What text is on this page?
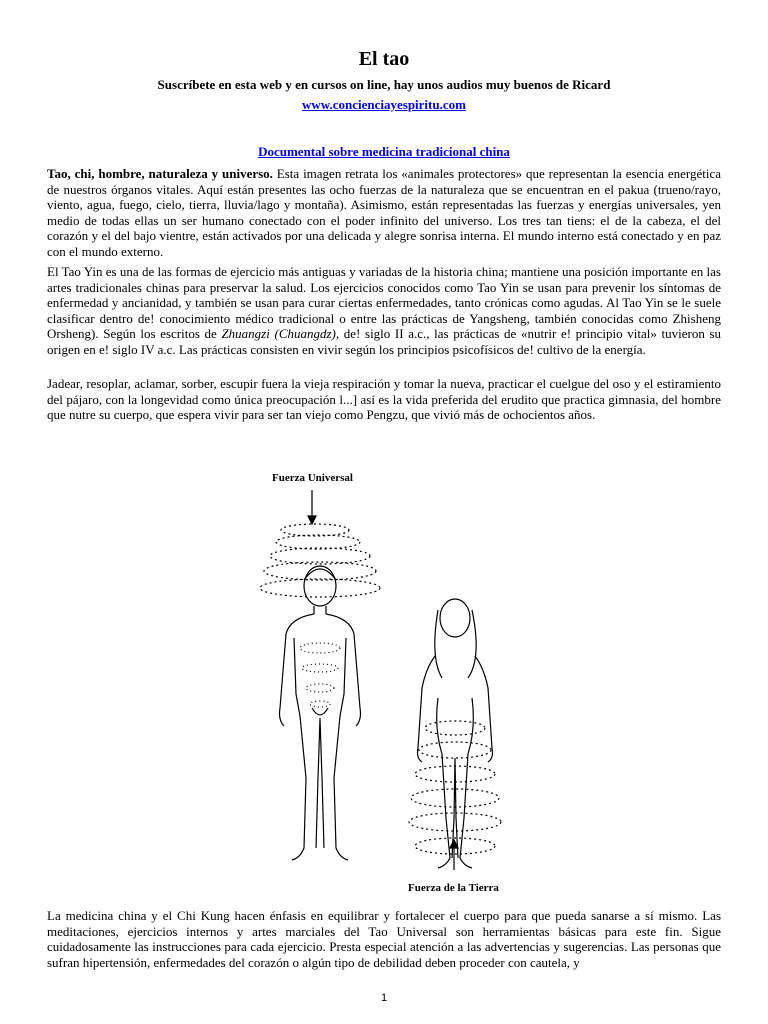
El tao
Suscríbete en esta web y en cursos on line, hay unos audios muy buenos de Ricard
www.concienciayespiritu.com
Documental sobre medicina tradicional china

Tao, chi, hombre, naturaleza y universo. Esta imagen retrata los «animales protectores» que representan la esencia energética de nuestros órganos vitales. Aquí están presentes las ocho fuerzas de la naturaleza que se encuentran en el pakua (trueno/rayo, viento, agua, fuego, cielo, tierra, lluvia/lago y montaña). Asimismo, están representadas las fuerzas y energías universales, yen medio de todas ellas un ser humano conectado con el poder infinito del universo. Los tres tan tiens: el de la cabeza, el del corazón y el del bajo vientre, están activados por una delicada y alegre sonrisa interna. El mundo interno está conectado y en paz con el mundo externo.

El Tao Yin es una de las formas de ejercicio más antiguas y variadas de la historia china; mantiene una posición importante en las artes tradicionales chinas para preservar la salud. Los ejercicios conocidos como Tao Yin se usan para prevenir los síntomas de enfermedad y ancianidad, y también se usan para curar ciertas enfermedades, tanto crónicas como agudas. Al Tao Yin se le suele clasificar dentro de! conocimiento médico tradicional o entre las prácticas de Yangsheng, también conocidas como Zhisheng Orsheng). Según los escritos de Zhuangzi (Chuangdz), de! siglo II a.c., las prácticas de «nutrir e! principio vital» tuvieron su origen en e! siglo IV a.c. Las prácticas consisten en vivir según los principios psicofísicos de! cultivo de la energía.

Jadear, resoplar, aclamar, sorber, escupir fuera la vieja respiración y tomar la nueva, practicar el cuelgue del oso y el estiramiento del pájaro, con la longevidad como única preocupación l...] así es la vida preferida del erudito que practica gimnasia, del hombre que nutre su cuerpo, que espera vivir para ser tan viejo como Pengzu, que vivió más de ochocientos años.

Fuerza Universal
Fuerza de la Tierra

La medicina china y el Chi Kung hacen énfasis en equilibrar y fortalecer el cuerpo para que pueda sanarse a sí mismo. Las meditaciones, ejercicios internos y artes marciales del Tao Universal son herramientas básicas para este fin. Sigue cuidadosamente las instrucciones para cada ejercicio. Presta especial atención a las advertencias y sugerencias. Las personas que sufran hipertensión, enfermedades del corazón o algún tipo de debilidad deben proceder con cautela, y

1
